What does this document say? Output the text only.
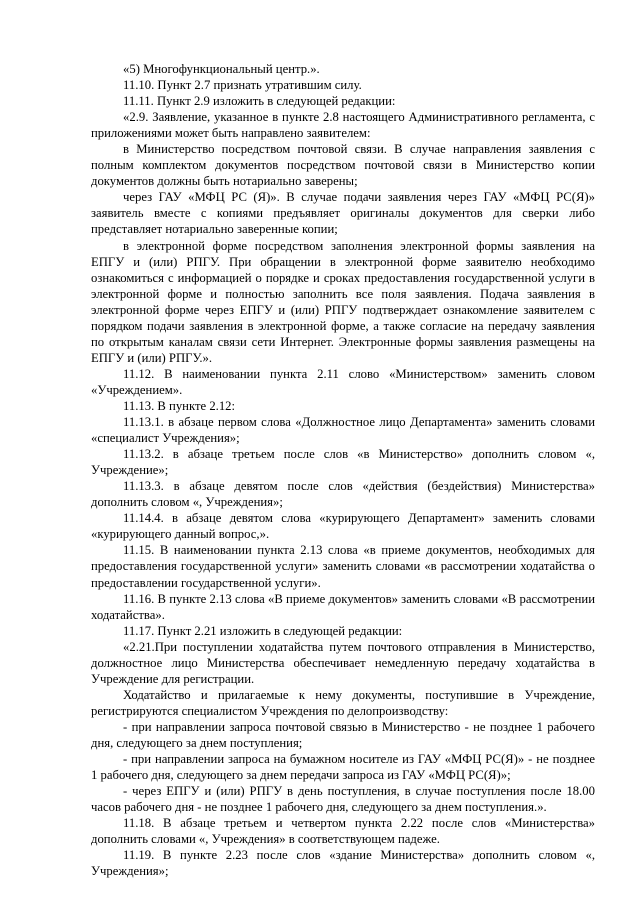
«5) Многофункциональный центр.».

11.10. Пункт 2.7 признать утратившим силу.

11.11. Пункт 2.9 изложить в следующей редакции:

«2.9. Заявление, указанное в пункте 2.8 настоящего Административного регламента, с приложениями может быть направлено заявителем:

в Министерство посредством почтовой связи. В случае направления заявления с полным комплектом документов посредством почтовой связи в Министерство копии документов должны быть нотариально заверены;

через ГАУ «МФЦ РС (Я)». В случае подачи заявления через ГАУ «МФЦ РС(Я)» заявитель вместе с копиями предъявляет оригиналы документов для сверки либо представляет нотариально заверенные копии;

в электронной форме посредством заполнения электронной формы заявления на ЕПГУ и (или) РПГУ. При обращении в электронной форме заявителю необходимо ознакомиться с информацией о порядке и сроках предоставления государственной услуги в электронной форме и полностью заполнить все поля заявления. Подача заявления в электронной форме через ЕПГУ и (или) РПГУ подтверждает ознакомление заявителем с порядком подачи заявления в электронной форме, а также согласие на передачу заявления по открытым каналам связи сети Интернет. Электронные формы заявления размещены на ЕПГУ и (или) РПГУ.».

11.12. В наименовании пункта 2.11 слово «Министерством» заменить словом «Учреждением».

11.13. В пункте 2.12:

11.13.1. в абзаце первом слова «Должностное лицо Департамента» заменить словами «специалист Учреждения»;

11.13.2. в абзаце третьем после слов «в Министерство» дополнить словом «, Учреждение»;

11.13.3. в абзаце девятом после слов «действия (бездействия) Министерства» дополнить словом «, Учреждения»;

11.14.4. в абзаце девятом слова «курирующего Департамент» заменить словами «курирующего данный вопрос,».

11.15. В наименовании пункта 2.13 слова «в приеме документов, необходимых для предоставления государственной услуги» заменить словами «в рассмотрении ходатайства о предоставлении государственной услуги».

11.16. В пункте 2.13 слова «В приеме документов» заменить словами «В рассмотрении ходатайства».

11.17. Пункт 2.21 изложить в следующей редакции:

«2.21.При поступлении ходатайства путем почтового отправления в Министерство, должностное лицо Министерства обеспечивает немедленную передачу ходатайства в Учреждение для регистрации.

Ходатайство и прилагаемые к нему документы, поступившие в Учреждение, регистрируются специалистом Учреждения по делопроизводству:

- при направлении запроса почтовой связью в Министерство - не позднее 1 рабочего дня, следующего за днем поступления;

- при направлении запроса на бумажном носителе из ГАУ «МФЦ РС(Я)» - не позднее 1 рабочего дня, следующего за днем передачи запроса из ГАУ «МФЦ РС(Я)»;

- через ЕПГУ и (или) РПГУ в день поступления, в случае поступления после 18.00 часов рабочего дня - не позднее 1 рабочего дня, следующего за днем поступления.».

11.18. В абзаце третьем и четвертом пункта 2.22 после слов «Министерства» дополнить словами «, Учреждения» в соответствующем падеже.

11.19. В пункте 2.23 после слов «здание Министерства» дополнить словом «, Учреждения»;
